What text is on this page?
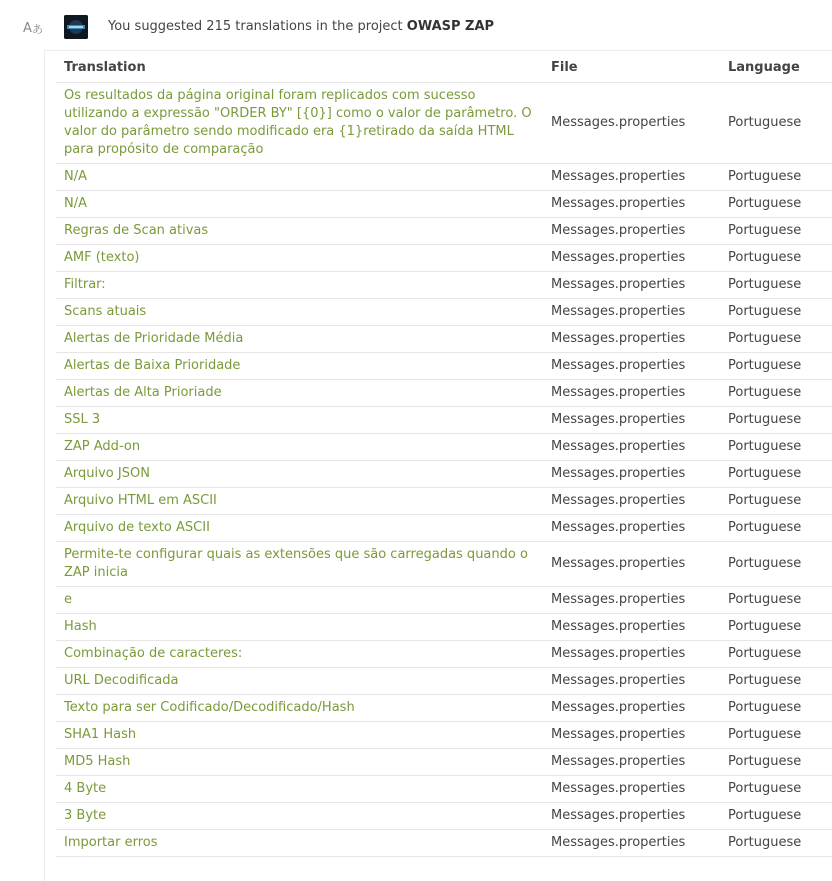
A あ	You suggested 215 translations in the project OWASP ZAP
Translation	File	Language
Os resultados da página original foram replicados com sucesso utilizando a expressão "ORDER BY" [{0}] como o valor de parâmetro. O valor do parâmetro sendo modificado era {1}retirado da saída HTML para propósito de comparação	Messages.properties	Portuguese
N/A	Messages.properties	Portuguese
N/A	Messages.properties	Portuguese
Regras de Scan ativas	Messages.properties	Portuguese
AMF (texto)	Messages.properties	Portuguese
Filtrar:	Messages.properties	Portuguese
Scans atuais	Messages.properties	Portuguese
Alertas de Prioridade Média	Messages.properties	Portuguese
Alertas de Baixa Prioridade	Messages.properties	Portuguese
Alertas de Alta Prioriade	Messages.properties	Portuguese
SSL 3	Messages.properties	Portuguese
ZAP Add-on	Messages.properties	Portuguese
Arquivo JSON	Messages.properties	Portuguese
Arquivo HTML em ASCII	Messages.properties	Portuguese
Arquivo de texto ASCII	Messages.properties	Portuguese
Permite-te configurar quais as extensões que são carregadas quando o ZAP inicia	Messages.properties	Portuguese
e	Messages.properties	Portuguese
Hash	Messages.properties	Portuguese
Combinação de caracteres:	Messages.properties	Portuguese
URL Decodificada	Messages.properties	Portuguese
Texto para ser Codificado/Decodificado/Hash	Messages.properties	Portuguese
SHA1 Hash	Messages.properties	Portuguese
MD5 Hash	Messages.properties	Portuguese
4 Byte	Messages.properties	Portuguese
3 Byte	Messages.properties	Portuguese
Importar erros	Messages.properties	Portuguese
